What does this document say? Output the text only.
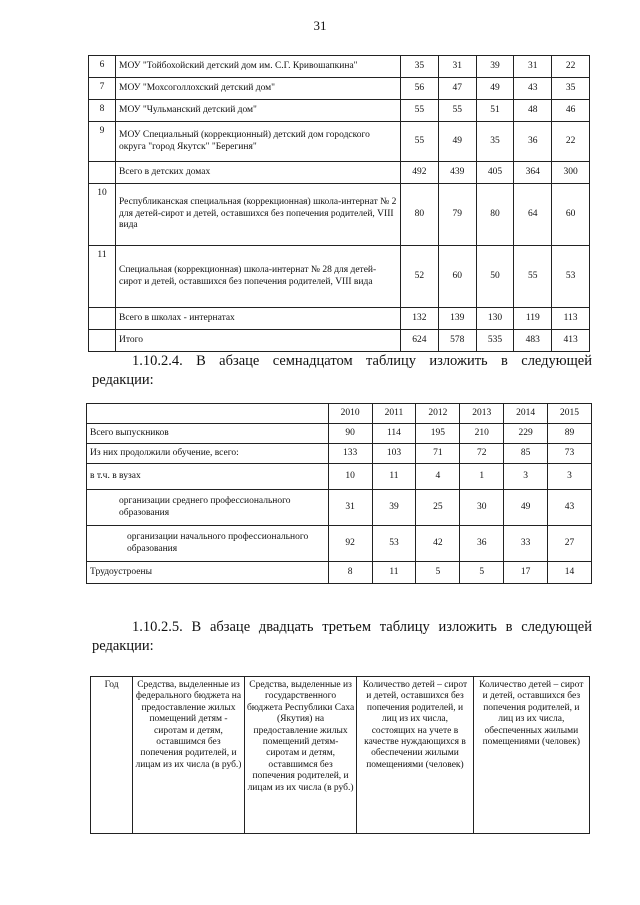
31
6	МОУ "Тойбохойский детский дом им. С.Г. Кривошапкина"	35	31	39	31	22
7	МОУ "Мохсоголлохский детский дом"	56	47	49	43	35
8	МОУ "Чульманский детский дом"	55	55	51	48	46
9	МОУ Специальный (коррекционный) детский дом городского округа "город Якутск" "Берегиня"	55	49	35	36	22
	Всего в детских домах	492	439	405	364	300
10	Республиканская специальная (коррекционная) школа-интернат № 2 для детей-сирот и детей, оставшихся без попечения родителей, VIII вида	80	79	80	64	60
11	Специальная (коррекционная) школа-интернат № 28 для детей-сирот и детей, оставшихся без попечения родителей, VIII вида	52	60	50	55	53
	Всего в школах - интернатах	132	139	130	119	113
	Итого	624	578	535	483	413
1.10.2.4. В абзаце семнадцатом таблицу изложить в следующей
редакции:
	2010	2011	2012	2013	2014	2015
Всего выпускников	90	114	195	210	229	89
Из них продолжили обучение, всего:	133	103	71	72	85	73
в т.ч. в вузах	10	11	4	1	3	3
организации среднего профессионального образования	31	39	25	30	49	43
организации начального профессионального образования	92	53	42	36	33	27
Трудоустроены	8	11	5	5	17	14
1.10.2.5. В абзаце двадцать третьем таблицу изложить в следующей
редакции:
Год	Средства, выделенные из федерального бюджета на предоставление жилых помещений детям - сиротам и детям, оставшимся без попечения родителей, и лицам из их числа (в руб.)	Средства, выделенные из государственного бюджета Республики Саха (Якутия) на предоставление жилых помещений детям-сиротам и детям, оставшимся без попечения родителей, и лицам из их числа (в руб.)	Количество детей – сирот и детей, оставшихся без попечения родителей, и лиц из их числа, состоящих на учете в качестве нуждающихся в обеспечении жилыми помещениями (человек)	Количество детей – сирот и детей, оставшихся без попечения родителей, и лиц из их числа, обеспеченных жилыми помещениями (человек)
